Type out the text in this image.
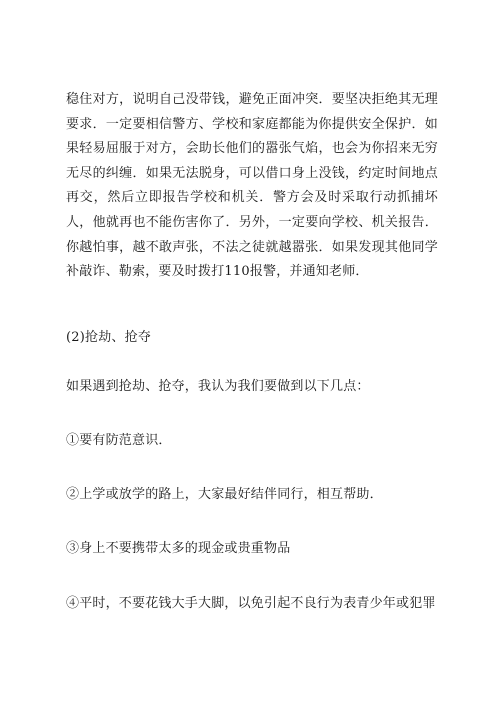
稳住对方，说明自己没带钱，避免正面冲突．要坚决拒绝其无理
要求．一定要相信警方、学校和家庭都能为你提供安全保护．如
果轻易屈服于对方，会助长他们的嚣张气焰，也会为你招来无穷
无尽的纠缠．如果无法脱身，可以借口身上没钱，约定时间地点
再交，然后立即报告学校和机关．警方会及时采取行动抓捕坏
人，他就再也不能伤害你了．另外，一定要向学校、机关报告．
你越怕事，越不敢声张，不法之徒就越嚣张．如果发现其他同学
补敲诈、勒索，要及时拨打110报警，并通知老师．
(2)抢劫、抢夺
如果遇到抢劫、抢夺，我认为我们要做到以下几点：
①要有防范意识．
②上学或放学的路上，大家最好结伴同行，相互帮助．
③身上不要携带太多的现金或贵重物品
④平时，不要花钱大手大脚，以免引起不良行为表青少年或犯罪
